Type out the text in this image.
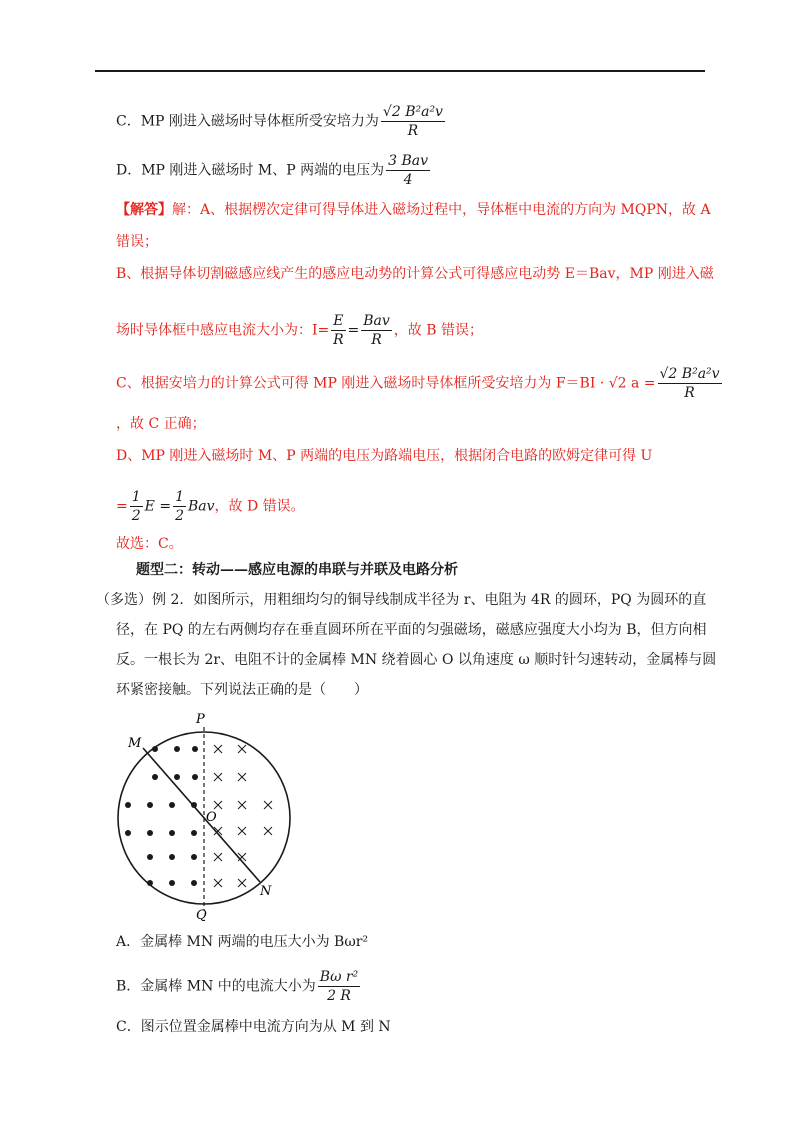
C．MP 刚进入磁场时导体框所受安培力为 $\frac{\text{√2 B²a²v}}{R}$
D．MP 刚进入磁场时 M、P 两端的电压为 $\frac{\text{3 Bav}}{4}$
【解答】解：A、根据楞次定律可得导体进入磁场过程中，导体框中电流的方向为 MQPN，故 A
错误；
B、根据导体切割磁感应线产生的感应电动势的计算公式可得感应电动势 E＝Bav，MP 刚进入磁
场时导体框中感应电流大小为：$I= \frac{E}{R} = \frac{\text{Bav}}{R}$ ，故 B 错误；
C、根据安培力的计算公式可得 MP 刚进入磁场时导体框所受安培力为 F＝BI · √2 $a = \frac{\text{√2 B²a²v}}{R}$
，故 C 正确；
D、MP 刚进入磁场时 M、P 两端的电压为路端电压，根据闭合电路的欧姆定律可得 U
= $\frac{1}{2}$ $E = \frac{1}{2}$ Bav，故 D 错误。
故选：C。
题型二：转动——感应电源的串联与并联及电路分析
（多选）例 2．如图所示，用粗细均匀的铜导线制成半径为 r、电阻为 4R 的圆环，PQ 为圆环的直
径，在 PQ 的左右两侧均存在垂直圆环所在平面的匀强磁场，磁感应强度大小均为 B，但方向相
反。一根长为 2r、电阻不计的金属棒 MN 绕着圆心 O 以角速度 ω 顺时针匀速转动，金属棒与圆
环紧密接触。下列说法正确的是（　　）
P
Q
M
N
O
A．金属棒 MN 两端的电压大小为 Bωr²
B．金属棒 MN 中的电流大小为 $\frac{\text{Bω r²}}{2 R}$
C．图示位置金属棒中电流方向为从 M 到 N
